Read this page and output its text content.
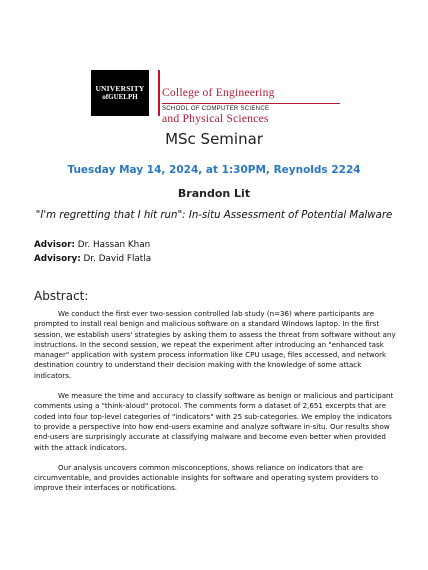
UNIVERSITY
ofGUELPH College of Engineering

and Physical Sciences

SCHOOL OF COMPUTER SCIENCE
MSc Seminar
Tuesday May 14, 2024, at 1:30PM, Reynolds 2224
Brandon Lit
"I'm regretting that I hit run": In-situ Assessment of Potential Malware
Advisor: Dr. Hassan Khan
Advisory: Dr. David Flatla
Abstract:

We conduct the first ever two-session controlled lab study (n=36) where participants are prompted to install real benign and malicious software on a standard Windows laptop. In the first session, we establish users' strategies by asking them to assess the threat from software without any instructions. In the second session, we repeat the experiment after introducing an "enhanced task manager" application with system process information like CPU usage, files accessed, and network destination country to understand their decision making with the knowledge of some attack indicators.

We measure the time and accuracy to classify software as benign or malicious and participant comments using a "think-aloud" protocol. The comments form a dataset of 2,651 excerpts that are coded into four top-level categories of "indicators" with 25 sub-categories. We employ the indicators to provide a perspective into how end-users examine and analyze software in-situ. Our results show end-users are surprisingly accurate at classifying malware and become even better when provided with the attack indicators.

Our analysis uncovers common misconceptions, shows reliance on indicators that are circumventable, and provides actionable insights for software and operating system providers to improve their interfaces or notifications.
